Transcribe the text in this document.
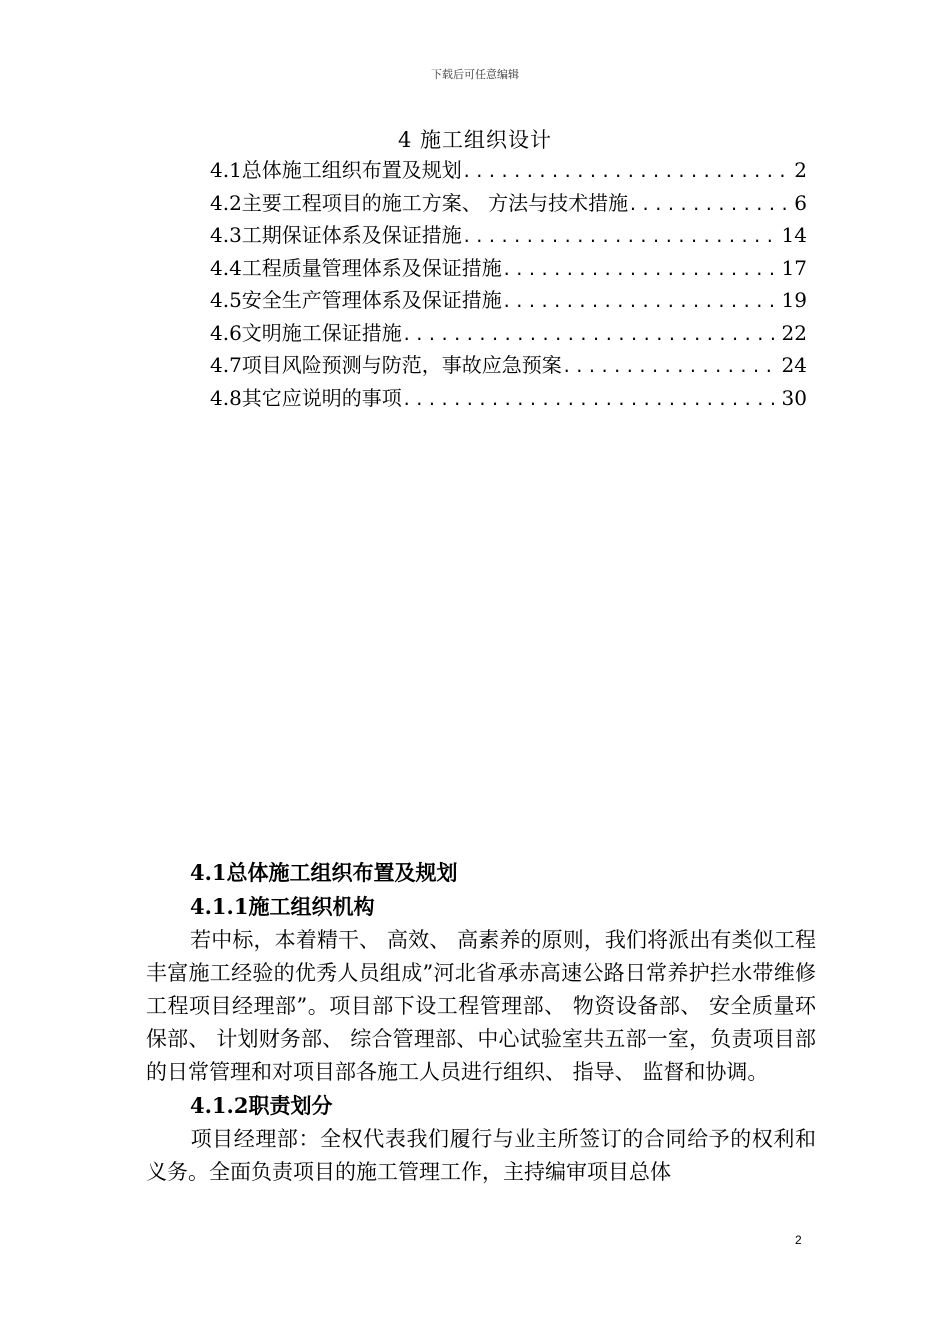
下载后可任意编辑
4 施工组织设计
4.1总体施工组织布置及规划 .....	2
4.2主要工程项目的施工方案、 方法与技术措施 .....	6
4.3工期保证体系及保证措施 .....	14
4.4工程质量管理体系及保证措施 .....	17
4.5安全生产管理体系及保证措施 .....	19
4.6文明施工保证措施 .....	22
4.7项目风险预测与防范，事故应急预案 .....	24
4.8其它应说明的事项 .....	30
4.1总体施工组织布置及规划
4.1.1施工组织机构

若中标，本着精干、 高效、 高素养的原则，我们将派出有类似工程丰富施工经验的优秀人员组成”河北省承赤高速公路日常养护拦水带维修工程项目经理部”。项目部下设工程管理部、 物资设备部、 安全质量环保部、 计划财务部、 综合管理部、中心试验室共五部一室，负责项目部的日常管理和对项目部各施工人员进行组织、 指导、 监督和协调。

4.1.2职责划分

项目经理部：全权代表我们履行与业主所签订的合同给予的权利和义务。全面负责项目的施工管理工作，主持编审项目总体

2
